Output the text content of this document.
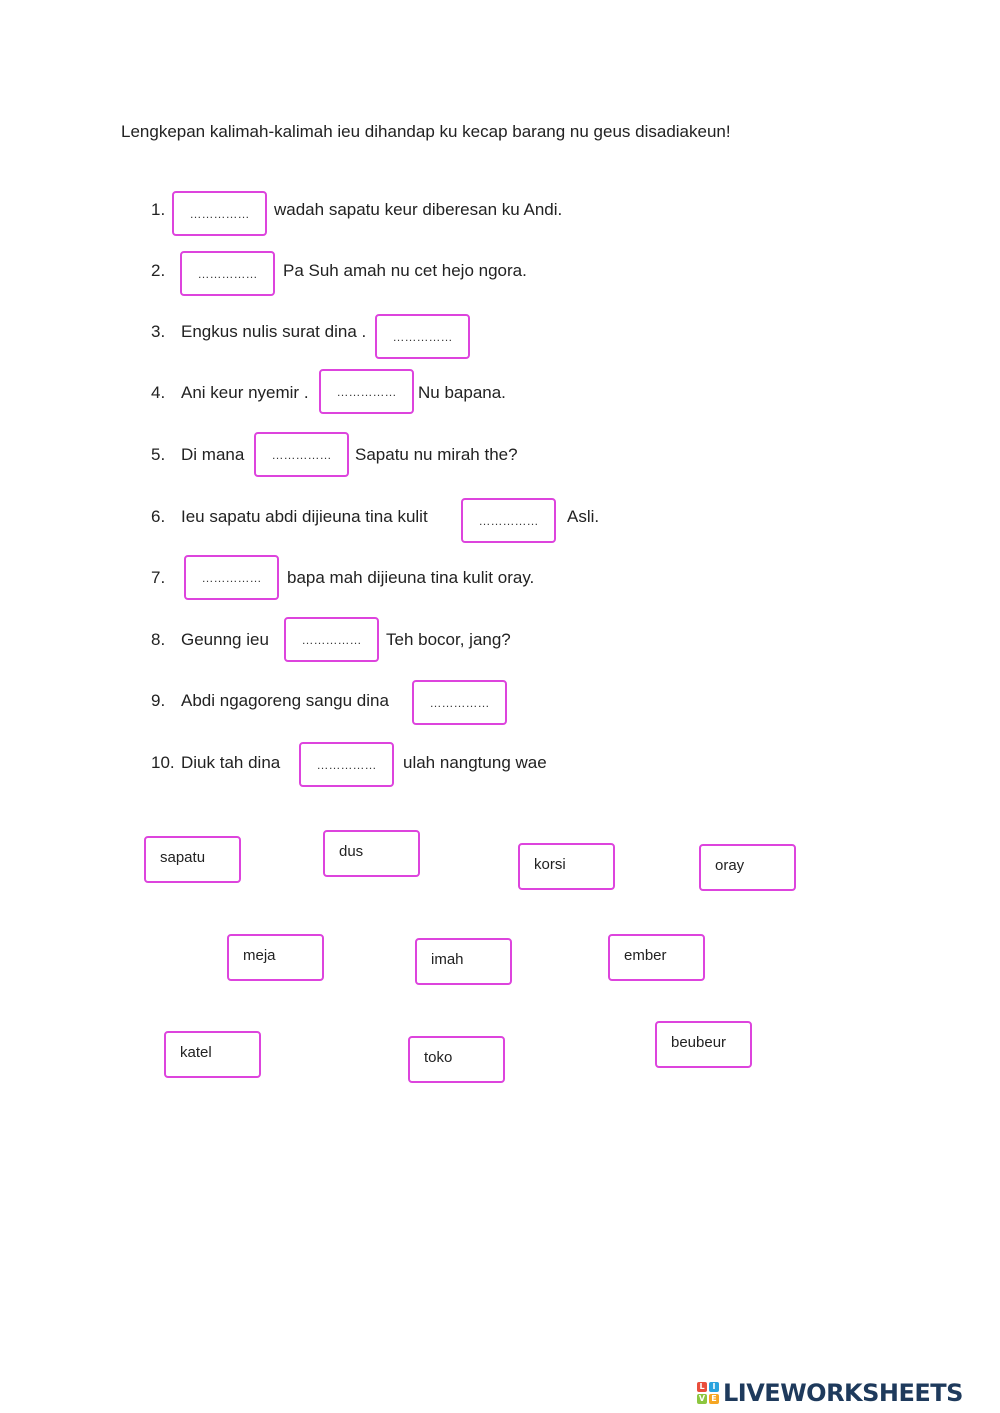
Lengkepan kalimah-kalimah ieu dihandap ku kecap barang nu geus disadiakeun!
1.	……………	wadah sapatu keur diberesan ku Andi.
2.	……………	Pa Suh amah nu cet hejo ngora.
3. Engkus nulis surat dina .	……………
4. Ani keur nyemir .	……………	Nu bapana.
5. Di mana	……………	Sapatu nu mirah the?
6. Ieu sapatu abdi dijieuna tina kulit	……………	Asli.
7.	……………	bapa mah dijieuna tina kulit oray.
8. Geunng ieu	……………	Teh bocor, jang?
9. Abdi ngagoreng sangu dina	……………
10. Diuk tah dina	……………	ulah nangtung wae
sapatu	dus
korsi	oray
meja	imah	ember
katel	toko
beubeur
L I
V E LIVEWORKSHEETS
